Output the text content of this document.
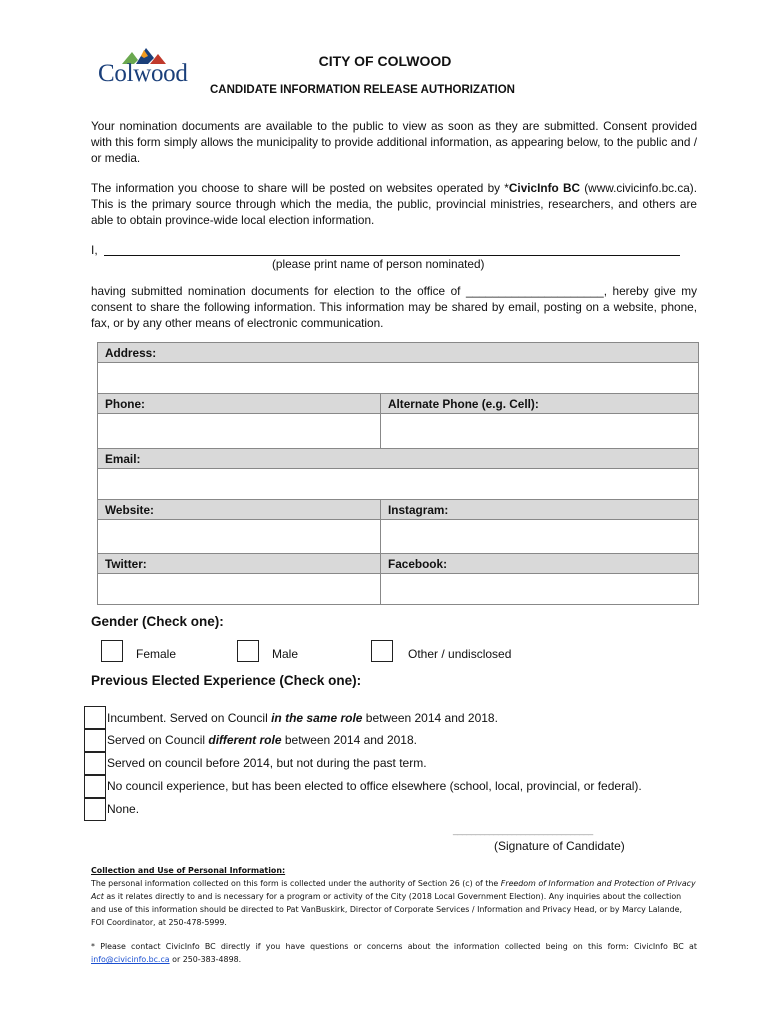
Colwood	CITY OF COLWOOD
CANDIDATE INFORMATION RELEASE AUTHORIZATION
Your nomination documents are available to the public to view as soon as they are submitted. Consent provided with this form simply allows the municipality to provide additional information, as appearing below, to the public and / or media.
The information you choose to share will be posted on websites operated by *CivicInfo BC (www.civicinfo.bc.ca). This is the primary source through which the media, the public, provincial ministries, researchers, and others are able to obtain province-wide local election information.
I,
(please print name of person nominated)
having submitted nomination documents for election to the office of _____________________, hereby give my consent to share the following information. This information may be shared by email, posting on a website, phone, fax, or by any other means of electronic communication.
Address:	

Phone:	Alternate Phone (e.g. Cell):

Email:	

Website:	Instagram:

Twitter:	Facebook:

Gender (Check one):
Female	Male	Other / undisclosed
Previous Elected Experience (Check one):
Incumbent. Served on Council in the same role between 2014 and 2018.
Served on Council different role between 2014 and 2018.
Served on council before 2014, but not during the past term.
No council experience, but has been elected to office elsewhere (school, local, provincial, or federal).
None.
_______________________________
(Signature of Candidate)
Collection and Use of Personal Information:
The personal information collected on this form is collected under the authority of Section 26 (c) of the Freedom of Information and Protection of Privacy Act as it relates directly to and is necessary for a program or activity of the City (2018 Local Government Election). Any inquiries about the collection and use of this information should be directed to Pat VanBuskirk, Director of Corporate Services / Information and Privacy Head, or by Marcy Lalande, FOI Coordinator, at 250-478-5999.
* Please contact CivicInfo BC directly if you have questions or concerns about the information collected being on this form: CivicInfo BC at info@civicinfo.bc.ca or 250-383-4898.
